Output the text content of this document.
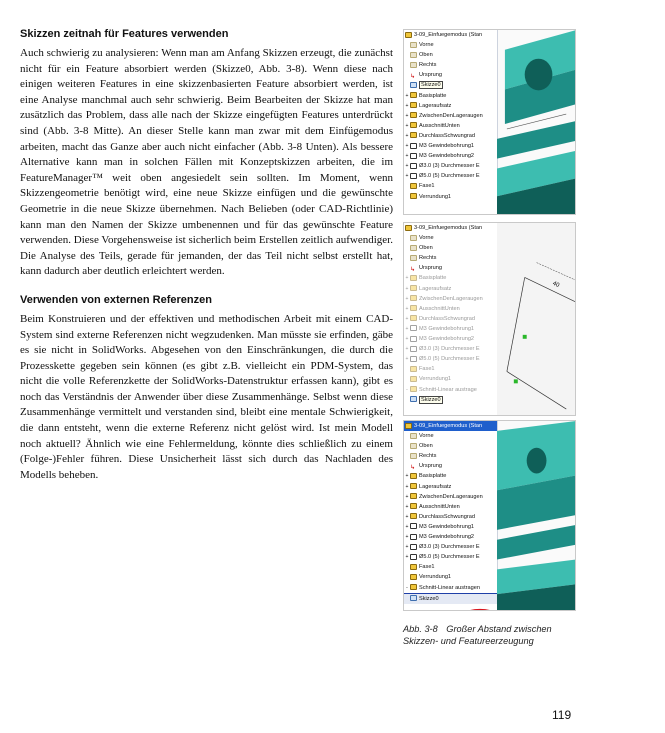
Skizzen zeitnah für Features verwenden

Auch schwierig zu analysieren: Wenn man am Anfang Skizzen erzeugt, die zunächst nicht für ein Feature absorbiert werden (Skizze0, Abb. 3-8). Wenn diese nach einigen weiteren Features in eine skizzenbasierten Feature absorbiert werden, ist eine Analyse manchmal auch sehr schwierig. Beim Bearbeiten der Skizze hat man zusätzlich das Problem, dass alle nach der Skizze eingefügten Features unterdrückt sind (Abb. 3-8 Mitte). An dieser Stelle kann man zwar mit dem Einfügemodus arbeiten, macht das Ganze aber auch nicht einfacher (Abb. 3-8 Unten). Als bessere Alternative kann man in solchen Fällen mit Konzeptskizzen arbeiten, die im FeatureManager™ weit oben angesiedelt sein sollten. Im Moment, wenn Skizzengeometrie benötigt wird, eine neue Skizze einfügen und die gewünschte Geometrie in die neue Skizze übernehmen. Nach Belieben (oder CAD-Richtlinie) kann man den Namen der Skizze umbenennen und für das gewünschte Feature verwenden. Diese Vorgehensweise ist sicherlich beim Erstellen zeitlich aufwendiger. Die Analyse des Teils, gerade für jemanden, der das Teil nicht selbst erstellt hat, kann dadurch aber deutlich erleichtert werden.

Verwenden von externen Referenzen

Beim Konstruieren und der effektiven und methodischen Arbeit mit einem CAD-System sind externe Referenzen nicht wegzudenken. Man müsste sie erfinden, gäbe es sie nicht in SolidWorks. Abgesehen von den Einschränkungen, die durch die Prozesskette gegeben sein können (es gibt z.B. vielleicht ein PDM-System, das nicht die volle Referenzkette der SolidWorks-Datenstruktur erfassen kann), gibt es noch das Verständnis der Anwender über diese Zusammenhänge. Selbst wenn diese Zusammenhänge vermittelt und verstanden sind, bleibt eine mentale Schwierigkeit, die dann entsteht, wenn die externe Referenz nicht gelöst wird. Ist mein Modell noch aktuell? Ähnlich wie eine Fehlermeldung, könnte dies schließlich zu einem (Folge-)Fehler führen. Diese Unsicherheit lässt sich durch das Nachladen des Modells beheben.

3-09_Einfuegemodus (Stan
Vorne
Oben
Rechts
↳ Ursprung
Skizze0
+ Basisplatte
+ Lageraufsatz
+ ZwischenDenLageraugen
+ AusschnittUnten
+ DurchlassSchwungrad
+ M3 Gewindebohrung1
+ M3 Gewindebohrung2
+ Ø3.0 (3) Durchmesser E
+ Ø5.0 (5) Durchmesser E
Fase1
Verrundung1
3-09_Einfuegemodus (Stan
Vorne
Oben
Rechts
↳ Ursprung
+ Basisplatte
+ Lageraufsatz
+ ZwischenDenLageraugen
+ AusschnittUnten
+ DurchlassSchwungrad
+ M3 Gewindebohrung1
+ M3 Gewindebohrung2
+ Ø3.0 (3) Durchmesser E
+ Ø5.0 (5) Durchmesser E
Fase1
Verrundung1
- Schnitt-Linear austrage
Skizze0
40
3-09_Einfuegemodus (Stan
Vorne
Oben
Rechts
↳ Ursprung
+ Basisplatte
+ Lageraufsatz
+ ZwischenDenLageraugen
+ AusschnittUnten
+ DurchlassSchwungrad
+ M3 Gewindebohrung1
+ M3 Gewindebohrung2
+ Ø3.0 (3) Durchmesser E
+ Ø5.0 (5) Durchmesser E
Fase1
Verrundung1
- Schnitt-Linear austragen
Skizze0
Abb. 3-8 Großer Abstand zwischen Skizzen- und Featureerzeugung
119
